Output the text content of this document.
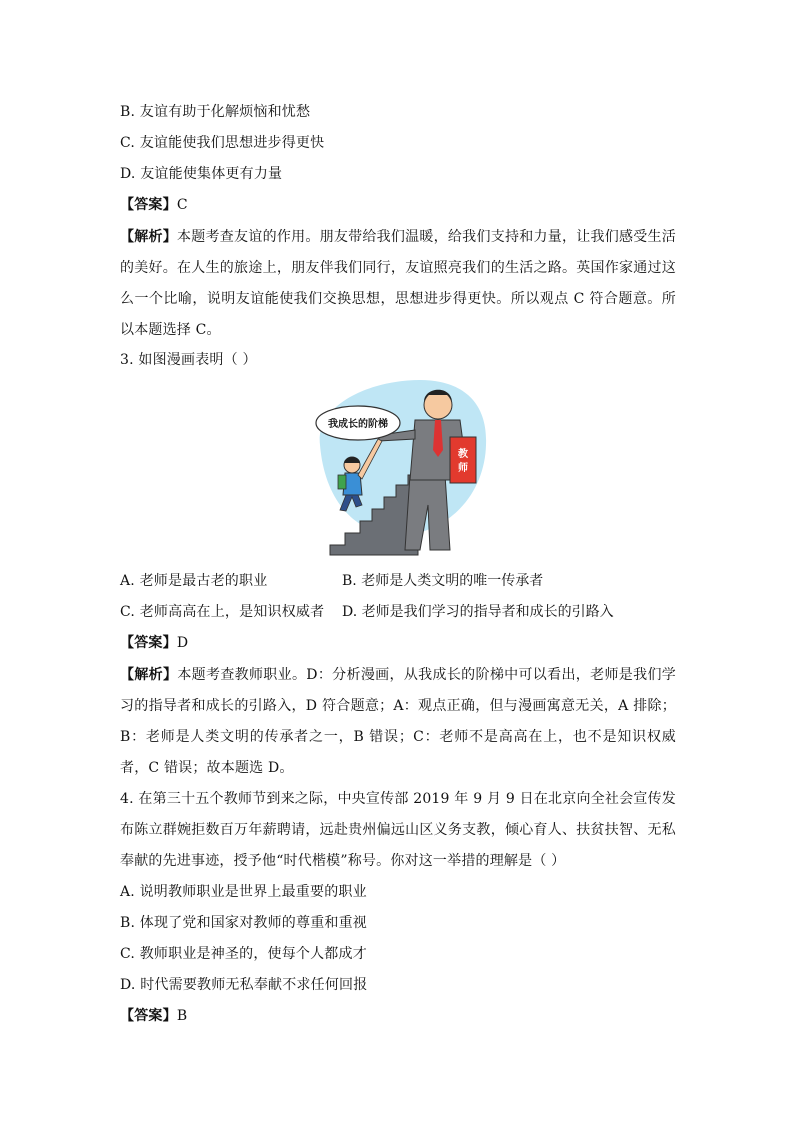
B. 友谊有助于化解烦恼和忧愁
C. 友谊能使我们思想进步得更快
D. 友谊能使集体更有力量
【答案】C
【解析】本题考查友谊的作用。朋友带给我们温暖，给我们支持和力量，让我们感受生活的美好。在人生的旅途上，朋友伴我们同行，友谊照亮我们的生活之路。英国作家通过这么一个比喻，说明友谊能使我们交换思想，思想进步得更快。所以观点 C 符合题意。所以本题选择 C。
3. 如图漫画表明（ ）
教
师
我成长的阶梯
A. 老师是最古老的职业	B. 老师是人类文明的唯一传承者
C. 老师高高在上，是知识权威者	D. 老师是我们学习的指导者和成长的引路入
【答案】D
【解析】本题考查教师职业。D：分析漫画，从我成长的阶梯中可以看出，老师是我们学习的指导者和成长的引路入，D 符合题意；A：观点正确，但与漫画寓意无关，A 排除；B：老师是人类文明的传承者之一，B 错误；C：老师不是高高在上，也不是知识权威者，C 错误；故本题选 D。
4. 在第三十五个教师节到来之际，中央宣传部 2019 年 9 月 9 日在北京向全社会宣传发布陈立群婉拒数百万年薪聘请，远赴贵州偏远山区义务支教，倾心育人、扶贫扶智、无私奉献的先进事迹，授予他“时代楷模”称号。你对这一举措的理解是（ ）
A. 说明教师职业是世界上最重要的职业
B. 体现了党和国家对教师的尊重和重视
C. 教师职业是神圣的，使每个人都成才
D. 时代需要教师无私奉献不求任何回报
【答案】B
